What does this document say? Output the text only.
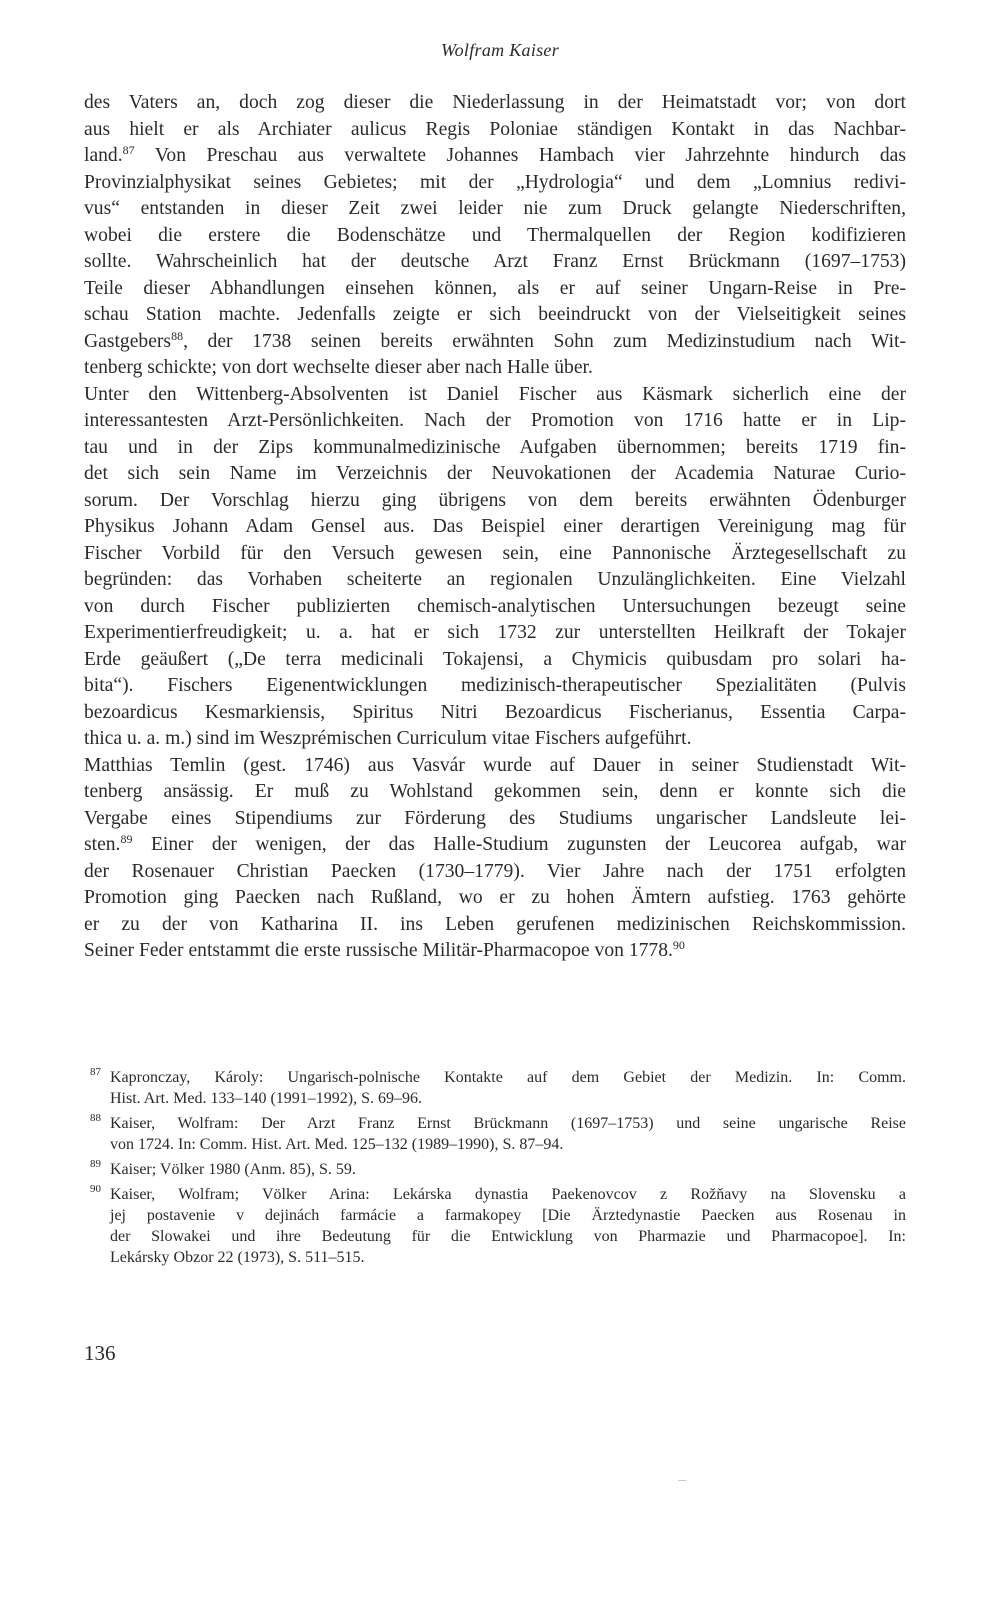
Wolfram Kaiser
des Vaters an, doch zog dieser die Niederlassung in der Heimatstadt vor; von dort
aus hielt er als Archiater aulicus Regis Poloniae ständigen Kontakt in das Nachbar-
land.$^{87}$ Von Preschau aus verwaltete Johannes Hambach vier Jahrzehnte hindurch das
Provinzialphysikat seines Gebietes; mit der „Hydrologia“ und dem „Lomnius redivi-
vus“ entstanden in dieser Zeit zwei leider nie zum Druck gelangte Niederschriften,
wobei die erstere die Bodenschätze und Thermalquellen der Region kodifizieren
sollte. Wahrscheinlich hat der deutsche Arzt Franz Ernst Brückmann (1697–1753)
Teile dieser Abhandlungen einsehen können, als er auf seiner Ungarn-Reise in Pre-
schau Station machte. Jedenfalls zeigte er sich beeindruckt von der Vielseitigkeit seines
Gastgebers$^{88}$, der 1738 seinen bereits erwähnten Sohn zum Medizinstudium nach Wit-
tenberg schickte; von dort wechselte dieser aber nach Halle über.
Unter den Wittenberg-Absolventen ist Daniel Fischer aus Käsmark sicherlich eine der
interessantesten Arzt-Persönlichkeiten. Nach der Promotion von 1716 hatte er in Lip-
tau und in der Zips kommunalmedizinische Aufgaben übernommen; bereits 1719 fin-
det sich sein Name im Verzeichnis der Neuvokationen der Academia Naturae Curio-
sorum. Der Vorschlag hierzu ging übrigens von dem bereits erwähnten Ödenburger
Physikus Johann Adam Gensel aus. Das Beispiel einer derartigen Vereinigung mag für
Fischer Vorbild für den Versuch gewesen sein, eine Pannonische Ärztegesellschaft zu
begründen: das Vorhaben scheiterte an regionalen Unzulänglichkeiten. Eine Vielzahl
von durch Fischer publizierten chemisch-analytischen Untersuchungen bezeugt seine
Experimentierfreudigkeit; u. a. hat er sich 1732 zur unterstellten Heilkraft der Tokajer
Erde geäußert („De terra medicinali Tokajensi, a Chymicis quibusdam pro solari ha-
bita“). Fischers Eigenentwicklungen medizinisch-therapeutischer Spezialitäten (Pulvis
bezoardicus Kesmarkiensis, Spiritus Nitri Bezoardicus Fischerianus, Essentia Carpa-
thica u. a. m.) sind im Weszprémischen Curriculum vitae Fischers aufgeführt.
Matthias Temlin (gest. 1746) aus Vasvár wurde auf Dauer in seiner Studienstadt Wit-
tenberg ansässig. Er muß zu Wohlstand gekommen sein, denn er konnte sich die
Vergabe eines Stipendiums zur Förderung des Studiums ungarischer Landsleute lei-
sten.$^{89}$ Einer der wenigen, der das Halle-Studium zugunsten der Leucorea aufgab, war
der Rosenauer Christian Paecken (1730–1779). Vier Jahre nach der 1751 erfolgten
Promotion ging Paecken nach Rußland, wo er zu hohen Ämtern aufstieg. 1763 gehörte
er zu der von Katharina II. ins Leben gerufenen medizinischen Reichskommission.
Seiner Feder entstammt die erste russische Militär-Pharmacopoe von 1778.90
87 Kapronczay, Károly: Ungarisch-polnische Kontakte auf dem Gebiet der Medizin. In: Comm.
Hist. Art. Med. 133–140 (1991–1992), S. 69–96.
88 Kaiser, Wolfram: Der Arzt Franz Ernst Brückmann (1697–1753) und seine ungarische Reise
von 1724. In: Comm. Hist. Art. Med. 125–132 (1989–1990), S. 87–94.
89 Kaiser; Völker 1980 (Anm. 85), S. 59.
90 Kaiser, Wolfram; Völker Arina: Lekárska dynastia Paekenovcov z Rožňavy na Slovensku a
jej postavenie v dejinách farmácie a farmakopey [Die Ärztedynastie Paecken aus Rosenau in
der Slowakei und ihre Bedeutung für die Entwicklung von Pharmazie und Pharmacopoe]. In:
Lekársky Obzor 22 (1973), S. 511–515.
136
